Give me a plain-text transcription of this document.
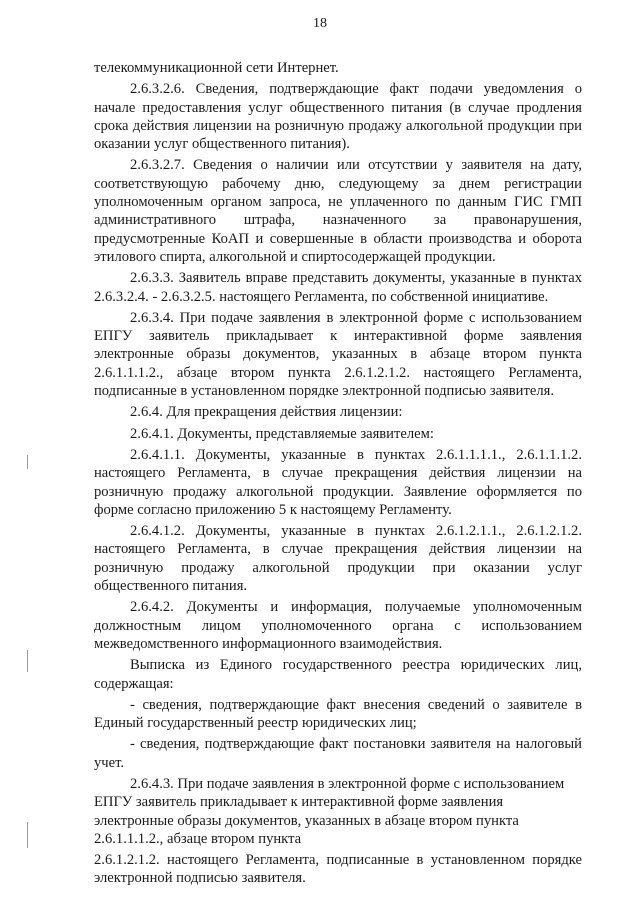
18

телекоммуникационной сети Интернет.

2.6.3.2.6. Сведения, подтверждающие факт подачи уведомления о начале предоставления услуг общественного питания (в случае продления срока действия лицензии на розничную продажу алкогольной продукции при оказании услуг общественного питания).

2.6.3.2.7. Сведения о наличии или отсутствии у заявителя на дату, соответствующую рабочему дню, следующему за днем регистрации уполномоченным органом запроса, не уплаченного по данным ГИС ГМП административного штрафа, назначенного за правонарушения, предусмотренные КоАП и совершенные в области производства и оборота этилового спирта, алкогольной и спиртосодержащей продукции.

2.6.3.3. Заявитель вправе представить документы, указанные в пунктах 2.6.3.2.4. - 2.6.3.2.5. настоящего Регламента, по собственной инициативе.

2.6.3.4. При подаче заявления в электронной форме с использованием ЕПГУ заявитель прикладывает к интерактивной форме заявления электронные образы документов, указанных в абзаце втором пункта 2.6.1.1.1.2., абзаце втором пункта 2.6.1.2.1.2. настоящего Регламента, подписанные в установленном порядке электронной подписью заявителя.

2.6.4. Для прекращения действия лицензии:

2.6.4.1. Документы, представляемые заявителем:

2.6.4.1.1. Документы, указанные в пунктах 2.6.1.1.1.1., 2.6.1.1.1.2. настоящего Регламента, в случае прекращения действия лицензии на розничную продажу алкогольной продукции. Заявление оформляется по форме согласно приложению 5 к настоящему Регламенту.

2.6.4.1.2. Документы, указанные в пунктах 2.6.1.2.1.1., 2.6.1.2.1.2. настоящего Регламента, в случае прекращения действия лицензии на розничную продажу алкогольной продукции при оказании услуг общественного питания.

2.6.4.2. Документы и информация, получаемые уполномоченным должностным лицом уполномоченного органа с использованием межведомственного информационного взаимодействия.

Выписка из Единого государственного реестра юридических лиц, содержащая:

- сведения, подтверждающие факт внесения сведений о заявителе в Единый государственный реестр юридических лиц;

- сведения, подтверждающие факт постановки заявителя на налоговый учет.

2.6.4.3. При подаче заявления в электронной форме с использованием ЕПГУ заявитель прикладывает к интерактивной форме заявления электронные образы документов, указанных в абзаце втором пункта 2.6.1.1.1.2., абзаце втором пункта

2.6.1.2.1.2. настоящего Регламента, подписанные в установленном порядке электронной подписью заявителя.
